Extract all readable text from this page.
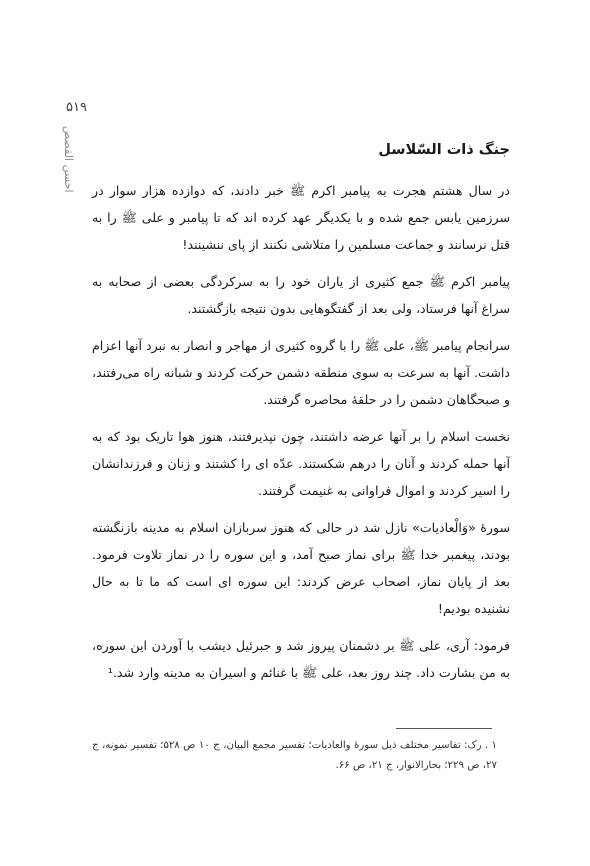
۵۱۹
احسن القصص	جنگ ذات السّلاسل

در سال هشتم هجرت به پیامبر اکرم ﷺ خبر دادند، که دوازده هزار سوار در سرزمین یابس جمع شده و با یکدیگر عهد کرده اند که تا پیامبر و علی ﷺ را به قتل نرسانند و جماعت مسلمین را متلاشی نکنند از پای ننشینند!

پیامبر اکرم ﷺ جمع کثیری از یاران خود را به سرکردگی بعضی از صحابه به سراغ آنها فرستاد، ولی بعد از گفتگوهایی بدون نتیجه بازگشتند.

سرانجام پیامبر ﷺ، علی ﷺ را با گروه کثیری از مهاجر و انصار به نبرد آنها اعزام داشت. آنها به سرعت به سوی منطقه دشمن حرکت کردند و شبانه راه می‌رفتند، و صبحگاهان دشمن را در حلقهٔ محاصره گرفتند.

نخست اسلام را بر آنها عرضه داشتند، چون نپذیرفتند، هنوز هوا تاریک بود که به آنها حمله کردند و آنان را درهم شکستند. عدّه ای را کشتند و زنان و فرزندانشان را اسیر کردند و اموال فراوانی به غنیمت گرفتند.

سورهٔ «وَالْعادیات» نازل شد در حالی که هنوز سربازان اسلام به مدینه بازنگشته بودند، پیغمبر خدا ﷺ برای نماز صبح آمد، و این سوره را در نماز تلاوت فرمود. بعد از پایان نماز، اصحاب عرض کردند: این سوره ای است که ما تا به حال نشنیده بودیم!

فرمود: آری، علی ﷺ بر دشمنان پیروز شد و جبرئیل دیشب با آوردن این سوره، به من بشارت داد. چند روز بعد، علی ﷺ با غنائم و اسیران به مدینه وارد شد.¹

۱ . رک: تفاسیر مختلف ذیل سورهٔ والعادیات؛ تفسیر مجمع البیان، ج ۱۰ ص ۵۲۸؛ تفسیر نمونه، ج ۲۷، ص ۲۲۹؛ بحارالانوار، ج ۲۱، ص ۶۶.
